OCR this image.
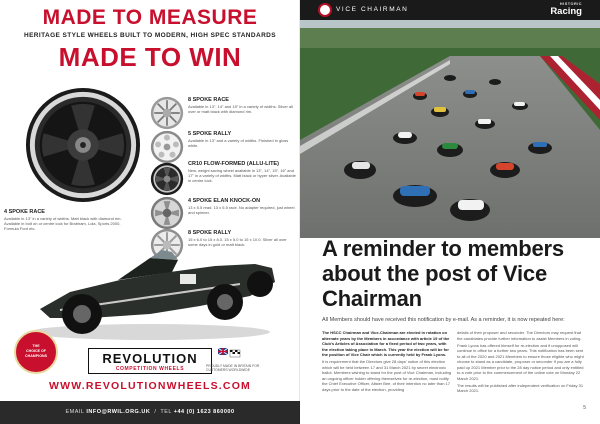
MADE TO MEASURE
HERITAGE STYLE WHEELS BUILT TO MODERN, HIGH SPEC STANDARDS
MADE TO WIN
8 SPOKE RACE
Available in 13", 14" and 15" in a variety of widths. Silver all over or matt black with diamond rim.
5 SPOKE RALLY
Available in 13" and a variety of widths. Finished in gloss white.
CR10 FLOW-FORMED (ALLU-LITE)
New, weight saving wheel available in 13", 14", 15", 16" and 17" in a variety of widths. Matt black or hyper silver. Available in centre lock.
4 SPOKE ELAN KNOCK-ON
13 x 5.5 read. 13 x 5.5 race. No adapter required, just wheel and spinner.
8 SPOKE RALLY
15 x 6.0 to 15 x 8.0. 15 x 5.0 to 15 x 10.0. Silver all over some days in gold or matt black.
4 SPOKE RACE
Available in 13" in a variety of widths. Matt black with diamond rim. Available in bolt on or centre lock for Brabham, Lola, Sports 2000, Formula Ford etc.
THE
CHOICE OF
CHAMPIONS	REVOLUTION
COMPETITION WHEELS	PROUDLY MADE IN BRITAIN FOR CUSTOMERS WORLDWIDE
WWW.REVOLUTIONWHEELS.COM
EMAIL INFO@RWIL.ORG.UK  /  TEL +44 (0) 1623 860000
VICE CHAIRMAN
HISTORIC
Racing
A reminder to members about the post of Vice Chairman
All Members should have received this notification by e-mail. As a reminder, it is now repeated here:

The HSCC Chairman and Vice-Chairman are elected in rotation on alternate years by the Members in accordance with article 19 of the Club's Articles of Association for a fixed period of two years, with the election taking place in March. This year the election will be for the position of Vice Chair which is currently held by Frank Lyons.

It is requirement that the Directors give 28 days' notice of this election which will be held between 17 and 31 March 2021 by secret electronic ballot. Members wishing to stand for the post of Vice Chairman, including an ongoing officer holder offering themselves for re-election, must notify the Chief Executive Officer, Alister Bee, of their intention no later than 17 days prior to the date of the election, providing

details of their proposer and seconder. The Directors may request that the candidates provide further information to assist Members in voting.

Frank Lyons has offered himself for re-election and if unopposed will continue in office for a further two years. This notification has been sent to all of the 2020 and 2021 Members to ensure those eligible who might choose to stand as a candidate, proposer or seconder if you are a fully paid up 2021 Member prior to the 28 day notice period and only entitled to a vote prior to the commencement of the online vote on Monday 22 March 2021.

The results will be published after independent verification on Friday 31 March 2021.

5
